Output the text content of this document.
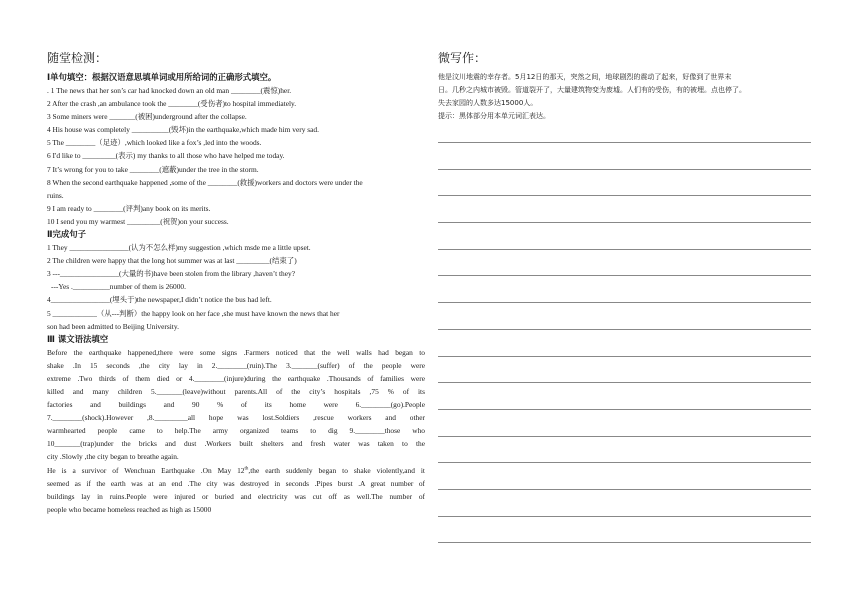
随堂检测：
Ⅰ单句填空：根据汉语意思填单词或用所给词的正确形式填空。
. 1 The news that her son’s car had knocked down an old man ________(震惊)her.
2 After the crash ,an ambulance took the ________(受伤者)to hospital immediately.
3 Some miners were _______(被困)underground after the collapse.
4 His house was completely __________(毁坏)in the earthquake,which made him very sad.
5 The ________（足迹）,which looked like a fox’s ,led into the woods.
6 I'd like to _________(表示) my thanks to all those who have helped me today.
7 It’s wrong for you to take ________(遮蔽)under the tree in the storm.
8 When the second earthquake happened ,some of the ________(救援)workers and doctors were under the
ruins.
9 I am ready to ________(评判)any book on its merits.
10 I send you my warmest _________(祝贺)on your success.
Ⅱ完成句子
1 They ________________(认为不怎么样)my suggestion ,which msde me a little upset.
2 The children were happy that the long hot summer was at last _________(结束了)
3 ---________________(大量的书)have been stolen from the library ,haven’t they?
---Yes .__________number of them is 26000.
4________________(埋头于)the newspaper,I didn’t notice the bus had left.
5 ____________（从---判断）the happy look on her face ,she must have known the news that her
son had been admitted to Beijing University.
Ⅲ 课文语法填空
Before the earthquake happened,there were some signs .Farmers noticed that the well walls had began to
shake .In 15 seconds ,the city lay in 2.________(ruin).The 3._______(suffer) of the people were
extreme .Two thirds of them died or 4.________(injure)during the earthquake .Thousands of families were
killed and many children 5._______(leave)without parents.All of the city’s hospitals ,75 % of its
factories and buildings and 90 % of its home were 6.________(go).People
7.________(shock).However ,8._________all hope was lost.Soldiers ,rescue workers and other
warmhearted people came to help.The army organized teams to dig 9.________those who
10_______(trap)under the bricks and dust .Workers built shelters and fresh water was taken to the
city .Slowly ,the city began to breathe again.
He is a survivor of Wenchuan Earthquake .On May 12th,the earth suddenly began to shake violently,and it
seemed as if the earth was at an end .The city was destroyed in seconds .Pipes burst .A great number of
buildings lay in ruins.People were injured or buried and electricity was cut off as well.The number of
people who became homeless reached as high as 15000
微写作：
他是汶川地震的幸存者。5月12日的那天，突然之间，地球剧烈的震动了起来，好像到了世界末
日。几秒之内城市被毁。管道裂开了，大量建筑物变为废墟。人们有的受伤，有的被埋。点也停了。
失去家园的人数多达15000人。
提示：黑体部分用本单元词汇表达。
